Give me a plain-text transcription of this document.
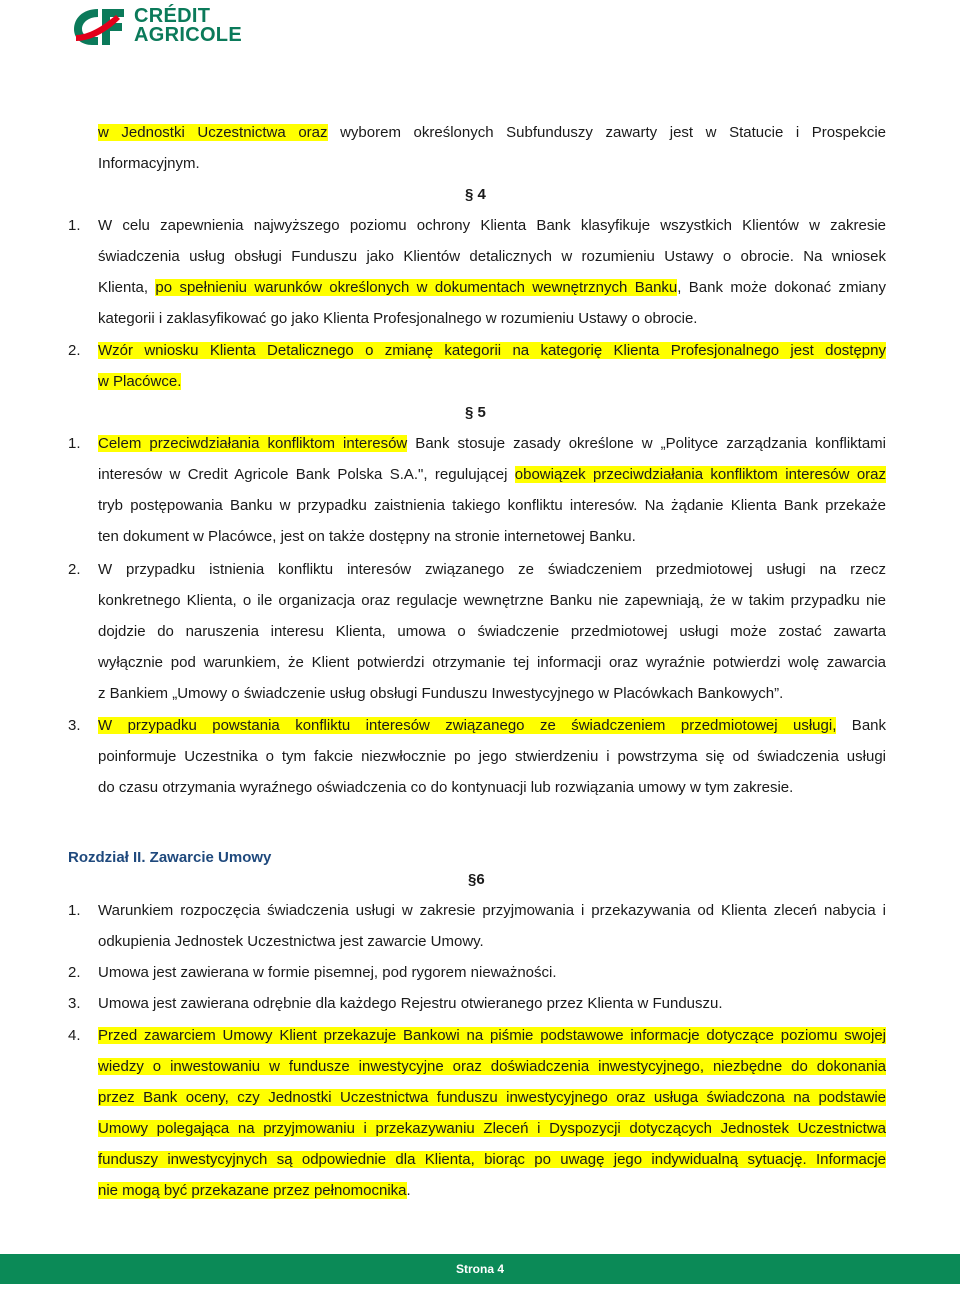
CRÉDIT
AGRICOLE
w Jednostki Uczestnictwa oraz wyborem określonych Subfunduszy zawarty jest w Statucie i Prospekcie
Informacyjnym.
§ 4
1. W celu zapewnienia najwyższego poziomu ochrony Klienta Bank klasyfikuje wszystkich Klientów w zakresie
świadczenia usług obsługi Funduszu jako Klientów detalicznych w rozumieniu Ustawy o obrocie. Na wniosek
Klienta, po spełnieniu warunków określonych w dokumentach wewnętrznych Banku, Bank może dokonać zmiany
kategorii i zaklasyfikować go jako Klienta Profesjonalnego w rozumieniu Ustawy o obrocie.
2. Wzór wniosku Klienta Detalicznego o zmianę kategorii na kategorię Klienta Profesjonalnego jest dostępny
w Placówce.
§ 5
1. Celem przeciwdziałania konfliktom interesów Bank stosuje zasady określone w „Polityce zarządzania konfliktami
interesów w Credit Agricole Bank Polska S.A.", regulującej obowiązek przeciwdziałania konfliktom interesów oraz
tryb postępowania Banku w przypadku zaistnienia takiego konfliktu interesów. Na żądanie Klienta Bank przekaże
ten dokument w Placówce, jest on także dostępny na stronie internetowej Banku.
2. W przypadku istnienia konfliktu interesów związanego ze świadczeniem przedmiotowej usługi na rzecz
konkretnego Klienta, o ile organizacja oraz regulacje wewnętrzne Banku nie zapewniają, że w takim przypadku nie
dojdzie do naruszenia interesu Klienta, umowa o świadczenie przedmiotowej usługi może zostać zawarta
wyłącznie pod warunkiem, że Klient potwierdzi otrzymanie tej informacji oraz wyraźnie potwierdzi wolę zawarcia
z Bankiem „Umowy o świadczenie usług obsługi Funduszu Inwestycyjnego w Placówkach Bankowych”.
3. W przypadku powstania konfliktu interesów związanego ze świadczeniem przedmiotowej usługi, Bank
poinformuje Uczestnika o tym fakcie niezwłocznie po jego stwierdzeniu i powstrzyma się od świadczenia usługi
do czasu otrzymania wyraźnego oświadczenia co do kontynuacji lub rozwiązania umowy w tym zakresie.
Rozdział II. Zawarcie Umowy
§6
1. Warunkiem rozpoczęcia świadczenia usługi w zakresie przyjmowania i przekazywania od Klienta zleceń nabycia i
odkupienia Jednostek Uczestnictwa jest zawarcie Umowy.
2. Umowa jest zawierana w formie pisemnej, pod rygorem nieważności.
3. Umowa jest zawierana odrębnie dla każdego Rejestru otwieranego przez Klienta w Funduszu.
4. Przed zawarciem Umowy Klient przekazuje Bankowi na piśmie podstawowe informacje dotyczące poziomu swojej
wiedzy o inwestowaniu w fundusze inwestycyjne oraz doświadczenia inwestycyjnego, niezbędne do dokonania
przez Bank oceny, czy Jednostki Uczestnictwa funduszu inwestycyjnego oraz usługa świadczona na podstawie
Umowy polegająca na przyjmowaniu i przekazywaniu Zleceń i Dyspozycji dotyczących Jednostek Uczestnictwa
funduszy inwestycyjnych są odpowiednie dla Klienta, biorąc po uwagę jego indywidualną sytuację. Informacje
nie mogą być przekazane przez pełnomocnika.
Strona 4
